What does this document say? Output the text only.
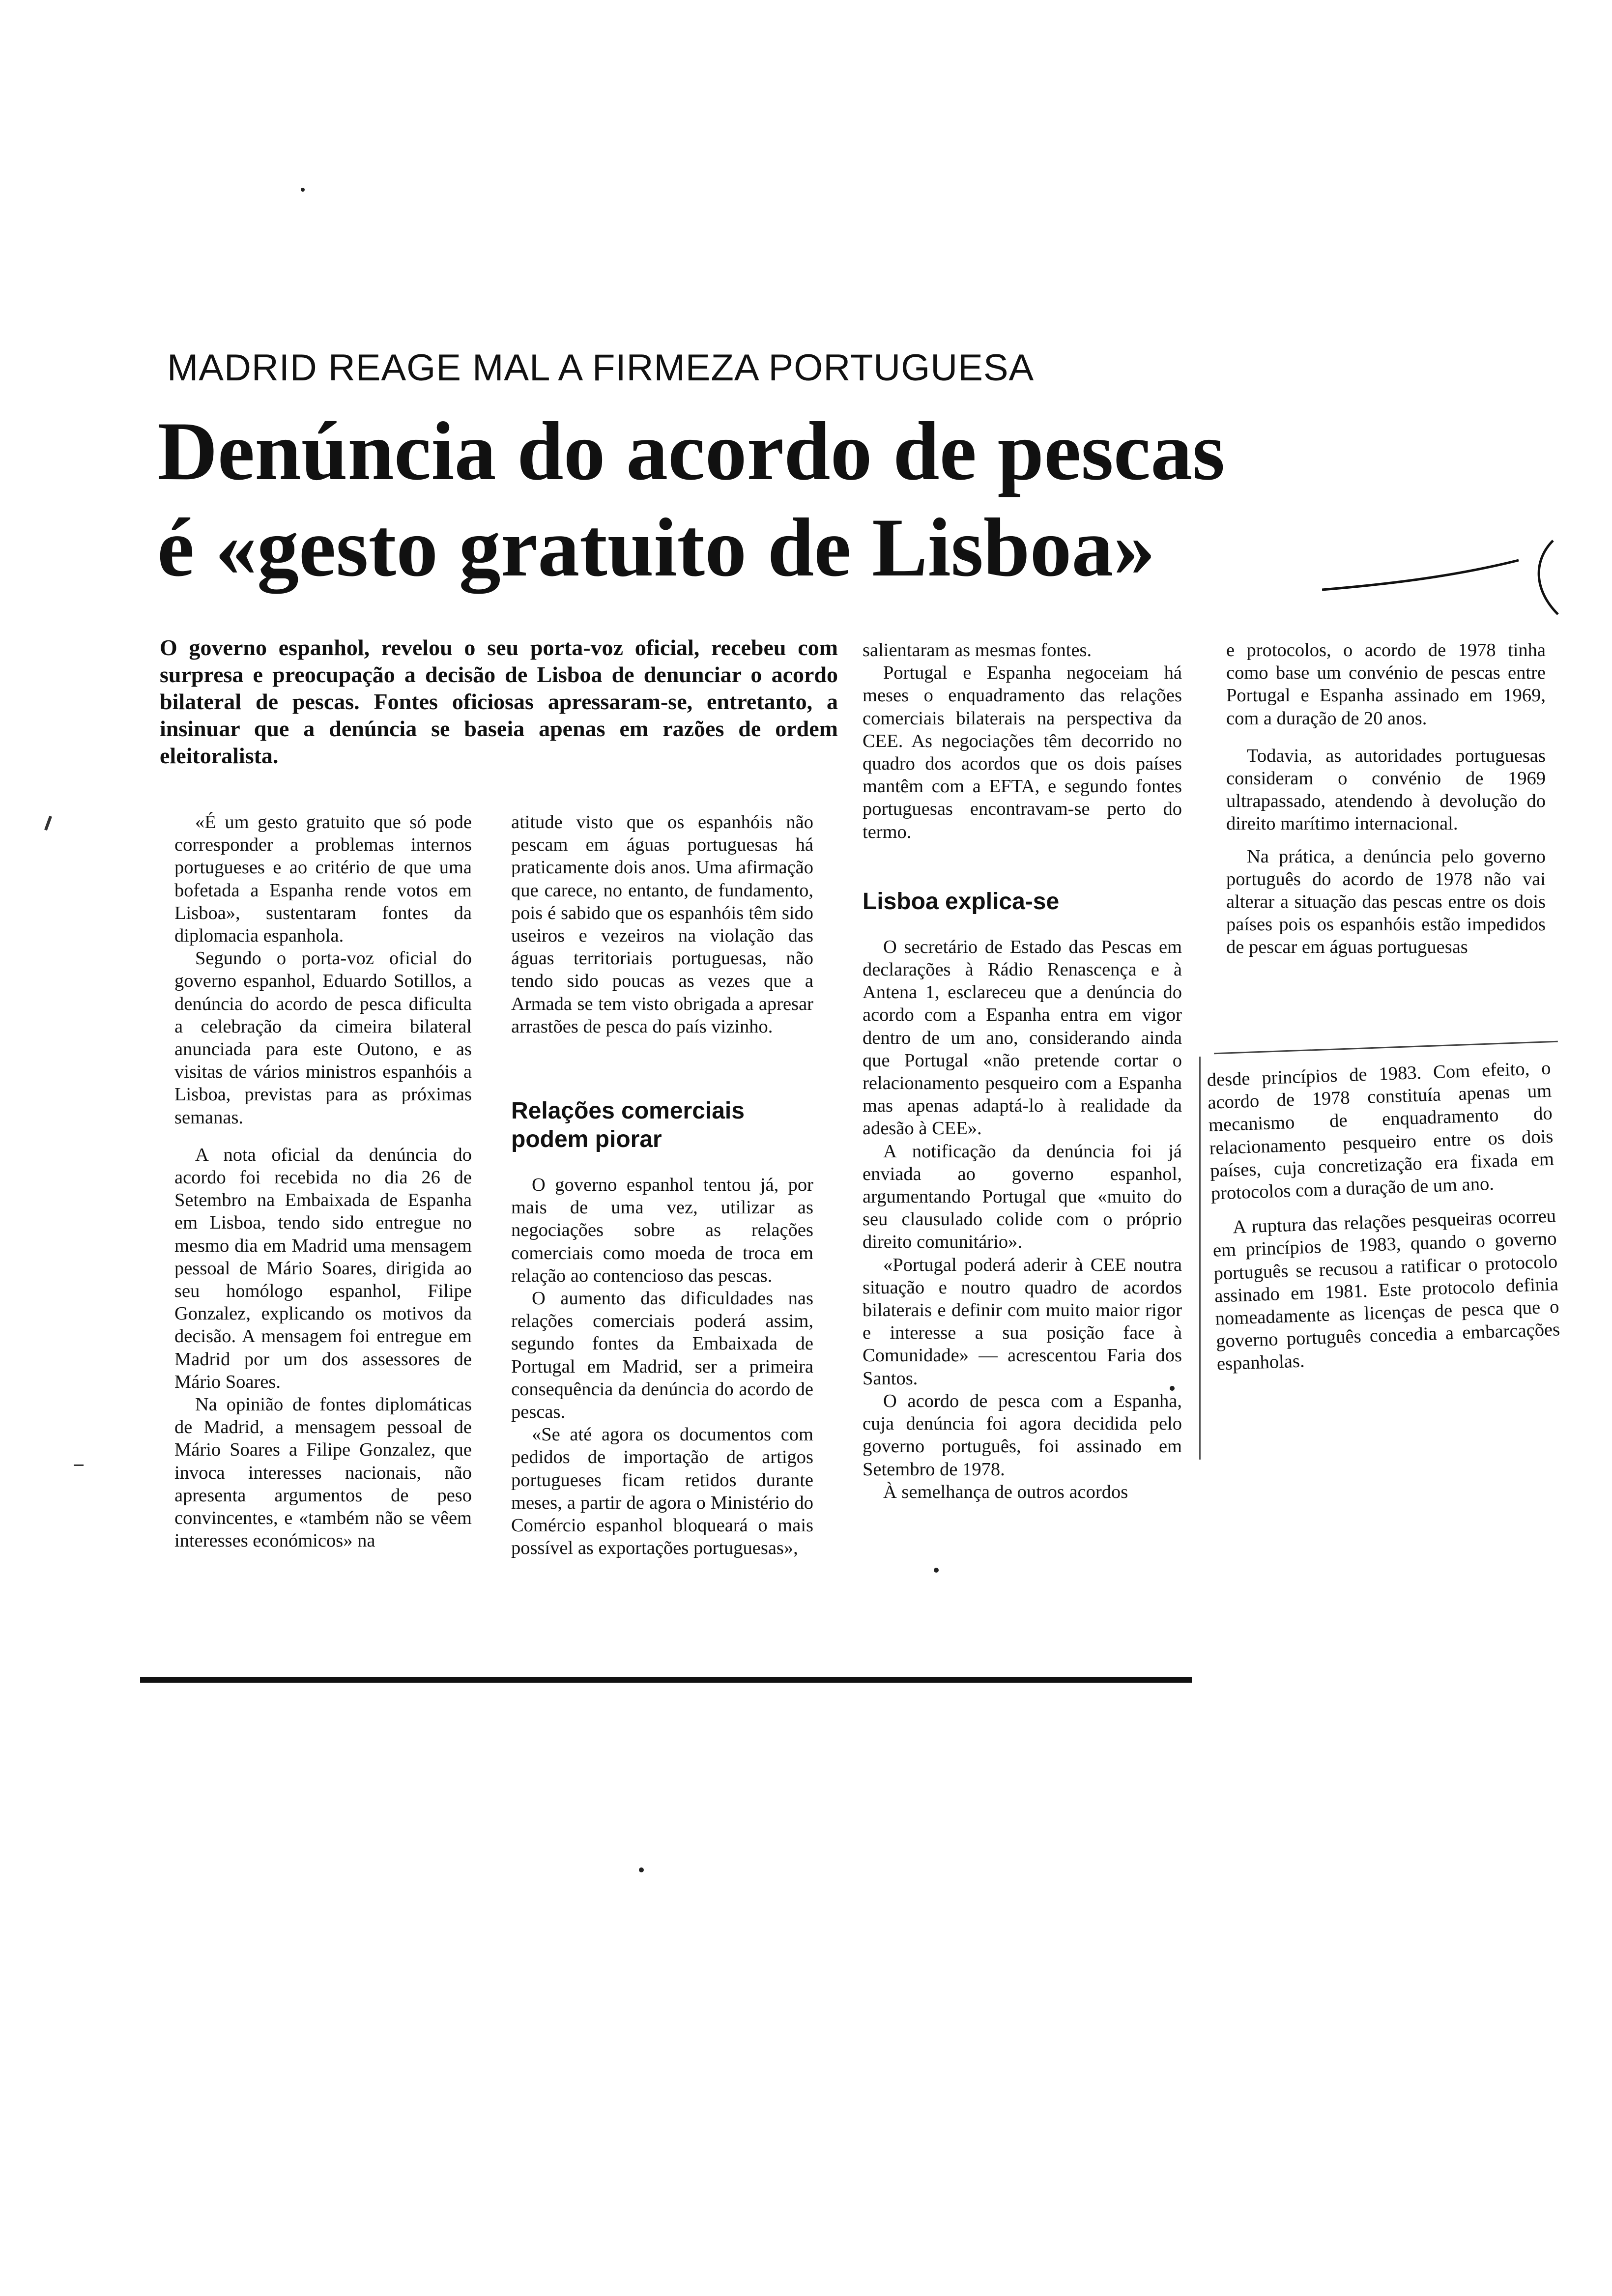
MADRID REAGE MAL A FIRMEZA PORTUGUESA
Denúncia do acordo de pescas
é «gesto gratuito de Lisboa»
O governo espanhol, revelou o seu porta-voz oficial, recebeu com surpresa e preocupação a decisão de Lisboa de denunciar o acordo bilateral de pescas. Fontes oficiosas apressaram-se, entretanto, a insinuar que a denúncia se baseia apenas em razões de ordem eleitoralista.

«É um gesto gratuito que só pode corresponder a problemas internos portugueses e ao critério de que uma bofetada a Espanha rende votos em Lisboa», sustentaram fontes da diplomacia espanhola.

Segundo o porta-voz oficial do governo espanhol, Eduardo Sotillos, a denúncia do acordo de pesca dificulta a celebração da cimeira bilateral anunciada para este Outono, e as visitas de vários ministros espanhóis a Lisboa, previstas para as próximas semanas.

A nota oficial da denúncia do acordo foi recebida no dia 26 de Setembro na Embaixada de Espanha em Lisboa, tendo sido entregue no mesmo dia em Madrid uma mensagem pessoal de Mário Soares, dirigida ao seu homólogo espanhol, Filipe Gonzalez, explicando os motivos da decisão. A mensagem foi entregue em Madrid por um dos assessores de Mário Soares.

Na opinião de fontes diplomáticas de Madrid, a mensagem pessoal de Mário Soares a Filipe Gonzalez, que invoca interesses nacionais, não apresenta argumentos de peso convincentes, e «também não se vêem interesses económicos» na

atitude visto que os espanhóis não pescam em águas portuguesas há praticamente dois anos. Uma afirmação que carece, no entanto, de fundamento, pois é sabido que os espanhóis têm sido useiros e vezeiros na violação das águas territoriais portuguesas, não tendo sido poucas as vezes que a Armada se tem visto obrigada a apresar arrastões de pesca do país vizinho.

Relações comerciais podem piorar

O governo espanhol tentou já, por mais de uma vez, utilizar as negociações sobre as relações comerciais como moeda de troca em relação ao contencioso das pescas.

O aumento das dificuldades nas relações comerciais poderá assim, segundo fontes da Embaixada de Portugal em Madrid, ser a primeira consequência da denúncia do acordo de pescas.

«Se até agora os documentos com pedidos de importação de artigos portugueses ficam retidos durante meses, a partir de agora o Ministério do Comércio espanhol bloqueará o mais possível as exportações portuguesas»,

salientaram as mesmas fontes.

Portugal e Espanha negoceiam há meses o enquadramento das relações comerciais bilaterais na perspectiva da CEE. As negociações têm decorrido no quadro dos acordos que os dois países mantêm com a EFTA, e segundo fontes portuguesas encontravam-se perto do termo.

Lisboa explica-se

O secretário de Estado das Pescas em declarações à Rádio Renascença e à Antena 1, esclareceu que a denúncia do acordo com a Espanha entra em vigor dentro de um ano, considerando ainda que Portugal «não pretende cortar o relacionamento pesqueiro com a Espanha mas apenas adaptá-lo à realidade da adesão à CEE».

A notificação da denúncia foi já enviada ao governo espanhol, argumentando Portugal que «muito do seu clausulado colide com o próprio direito comunitário».

«Portugal poderá aderir à CEE noutra situação e noutro quadro de acordos bilaterais e definir com muito maior rigor e interesse a sua posição face à Comunidade» — acrescentou Faria dos Santos.

O acordo de pesca com a Espanha, cuja denúncia foi agora decidida pelo governo português, foi assinado em Setembro de 1978.

À semelhança de outros acordos

e protocolos, o acordo de 1978 tinha como base um convénio de pescas entre Portugal e Espanha assinado em 1969, com a duração de 20 anos.

Todavia, as autoridades portuguesas consideram o convénio de 1969 ultrapassado, atendendo à devolução do direito marítimo internacional.

Na prática, a denúncia pelo governo português do acordo de 1978 não vai alterar a situação das pescas entre os dois países pois os espanhóis estão impedidos de pescar em águas portuguesas

desde princípios de 1983. Com efeito, o acordo de 1978 constituía apenas um mecanismo de enquadramento do relacionamento pesqueiro entre os dois países, cuja concretização era fixada em protocolos com a duração de um ano.

A ruptura das relações pesqueiras ocorreu em princípios de 1983, quando o governo português se recusou a ratificar o protocolo assinado em 1981. Este protocolo definia nomeadamente as licenças de pesca que o governo português concedia a embarcações espanholas.
